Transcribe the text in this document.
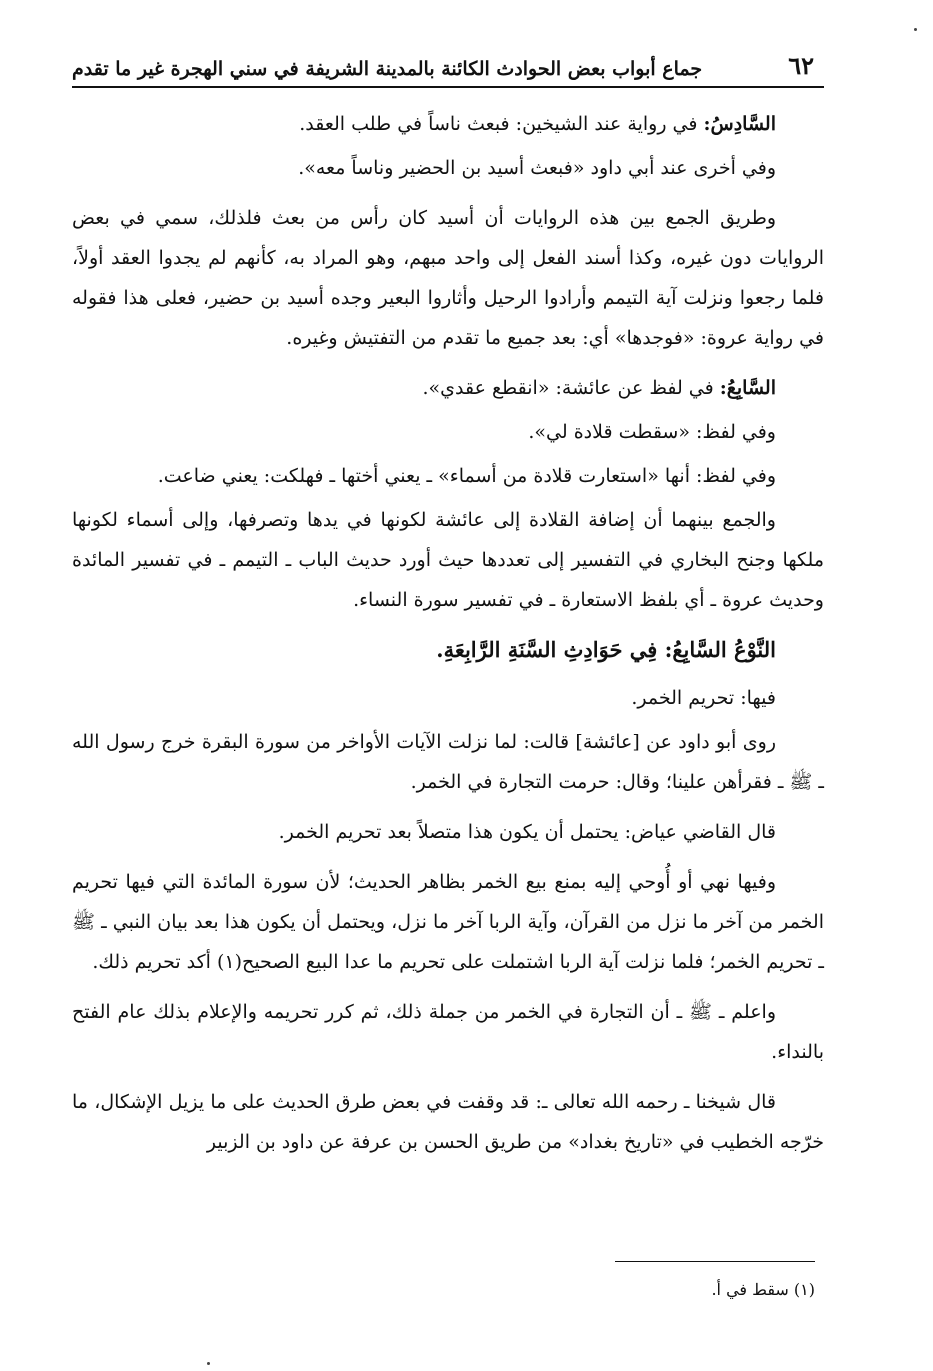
٦٢
جماع أبواب بعض الحوادث الكائنة بالمدينة الشريفة في سني الهجرة غير ما تقدم

السَّادِسُ: في رواية عند الشيخين: فبعث ناساً في طلب العقد.

وفي أخرى عند أبي داود «فبعث أسيد بن الحضير وناساً معه».

وطريق الجمع بين هذه الروايات أن أسيد كان رأس من بعث فلذلك، سمي في بعض الروايات دون غيره، وكذا أسند الفعل إلى واحد مبهم، وهو المراد به، كأنهم لم يجدوا العقد أولاً، فلما رجعوا ونزلت آية التيمم وأرادوا الرحيل وأثاروا البعير وجده أسيد بن حضير، فعلى هذا فقوله في رواية عروة: «فوجدها» أي: بعد جميع ما تقدم من التفتيش وغيره.

السَّابِعُ: في لفظ عن عائشة: «انقطع عقدي».

وفي لفظ: «سقطت قلادة لي».

وفي لفظ: أنها «استعارت قلادة من أسماء» ـ يعني أختها ـ فهلكت: يعني ضاعت.

والجمع بينهما أن إضافة القلادة إلى عائشة لكونها في يدها وتصرفها، وإلى أسماء لكونها ملكها وجنح البخاري في التفسير إلى تعددها حيث أورد حديث الباب ـ التيمم ـ في تفسير المائدة وحديث عروة ـ أي بلفظ الاستعارة ـ في تفسير سورة النساء.

النَّوْعُ السَّابِعُ: فِي حَوَادِثِ السَّنَةِ الرَّابِعَةِ.

فيها: تحريم الخمر.

روى أبو داود عن [عائشة] قالت: لما نزلت الآيات الأواخر من سورة البقرة خرج رسول الله ـ ﷺ ـ فقرأهن علينا؛ وقال: حرمت التجارة في الخمر.

قال القاضي عياض: يحتمل أن يكون هذا متصلاً بعد تحريم الخمر.

وفيها نهي أو أُوحي إليه بمنع بيع الخمر بظاهر الحديث؛ لأن سورة المائدة التي فيها تحريم الخمر من آخر ما نزل من القرآن، وآية الربا آخر ما نزل، ويحتمل أن يكون هذا بعد بيان النبي ـ ﷺ ـ تحريم الخمر؛ فلما نزلت آية الربا اشتملت على تحريم ما عدا البيع الصحيح(١) أكد تحريم ذلك.

واعلم ـ ﷺ ـ أن التجارة في الخمر من جملة ذلك، ثم كرر تحريمه والإعلام بذلك عام الفتح بالنداء.

قال شيخنا ـ رحمه الله تعالى ـ: قد وقفت في بعض طرق الحديث على ما يزيل الإشكال، ما خرّجه الخطيب في «تاريخ بغداد» من طريق الحسن بن عرفة عن داود بن الزبير

(١) سقط في أ.
